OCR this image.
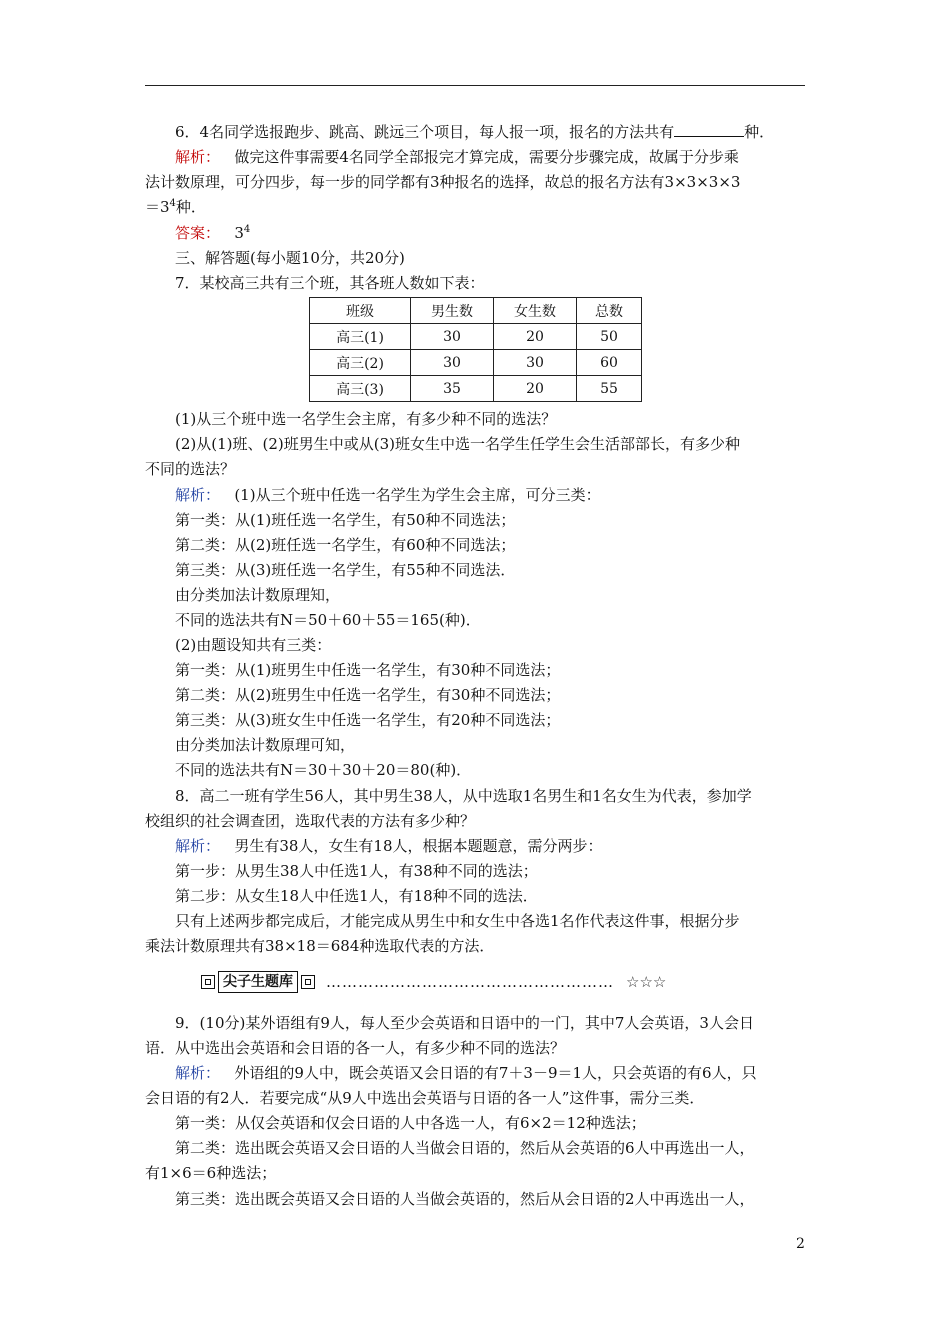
6．4名同学选报跑步、跳高、跳远三个项目，每人报一项，报名的方法共有	种．
解析： 做完这件事需要4名同学全部报完才算完成，需要分步骤完成，故属于分步乘
法计数原理，可分四步，每一步的同学都有3种报名的选择，故总的报名方法有3×3×3×3
$=3^4$种．
答案： $3^4$
三、解答题(每小题10分，共20分)
7．某校高三共有三个班，其各班人数如下表：
班级	男生数	女生数	总数
高三(1)	30	20	50
高三(2)	30	30	60
高三(3)	35	20	55
(1)从三个班中选一名学生会主席，有多少种不同的选法？
(2)从(1)班、(2)班男生中或从(3)班女生中选一名学生任学生会生活部部长，有多少种
不同的选法？
解析： (1)从三个班中任选一名学生为学生会主席，可分三类：
第一类：从(1)班任选一名学生，有50种不同选法；
第二类：从(2)班任选一名学生，有60种不同选法；
第三类：从(3)班任选一名学生，有55种不同选法．
由分类加法计数原理知，
不同的选法共有N＝50＋60＋55＝165(种)．
(2)由题设知共有三类：
第一类：从(1)班男生中任选一名学生，有30种不同选法；
第二类：从(2)班男生中任选一名学生，有30种不同选法；
第三类：从(3)班女生中任选一名学生，有20种不同选法；
由分类加法计数原理可知，
不同的选法共有N＝30＋30＋20＝80(种)．
8．高二一班有学生56人，其中男生38人，从中选取1名男生和1名女生为代表，参加学
校组织的社会调查团，选取代表的方法有多少种？
解析： 男生有38人，女生有18人，根据本题题意，需分两步：
第一步：从男生38人中任选1人，有38种不同的选法；
第二步：从女生18人中任选1人，有18种不同的选法．
只有上述两步都完成后，才能完成从男生中和女生中各选1名作代表这件事，根据分步
乘法计数原理共有38×18＝684种选取代表的方法．
尖子生题库	……………………………………………… ☆☆☆
9．(10分)某外语组有9人，每人至少会英语和日语中的一门，其中7人会英语，3人会日
语．从中选出会英语和会日语的各一人，有多少种不同的选法？
解析： 外语组的9人中，既会英语又会日语的有7＋3－9＝1人，只会英语的有6人，只
会日语的有2人．若要完成“从9人中选出会英语与日语的各一人”这件事，需分三类．
第一类：从仅会英语和仅会日语的人中各选一人，有6×2＝12种选法；
第二类：选出既会英语又会日语的人当做会日语的，然后从会英语的6人中再选出一人，
有1×6＝6种选法；
第三类：选出既会英语又会日语的人当做会英语的，然后从会日语的2人中再选出一人，
2
